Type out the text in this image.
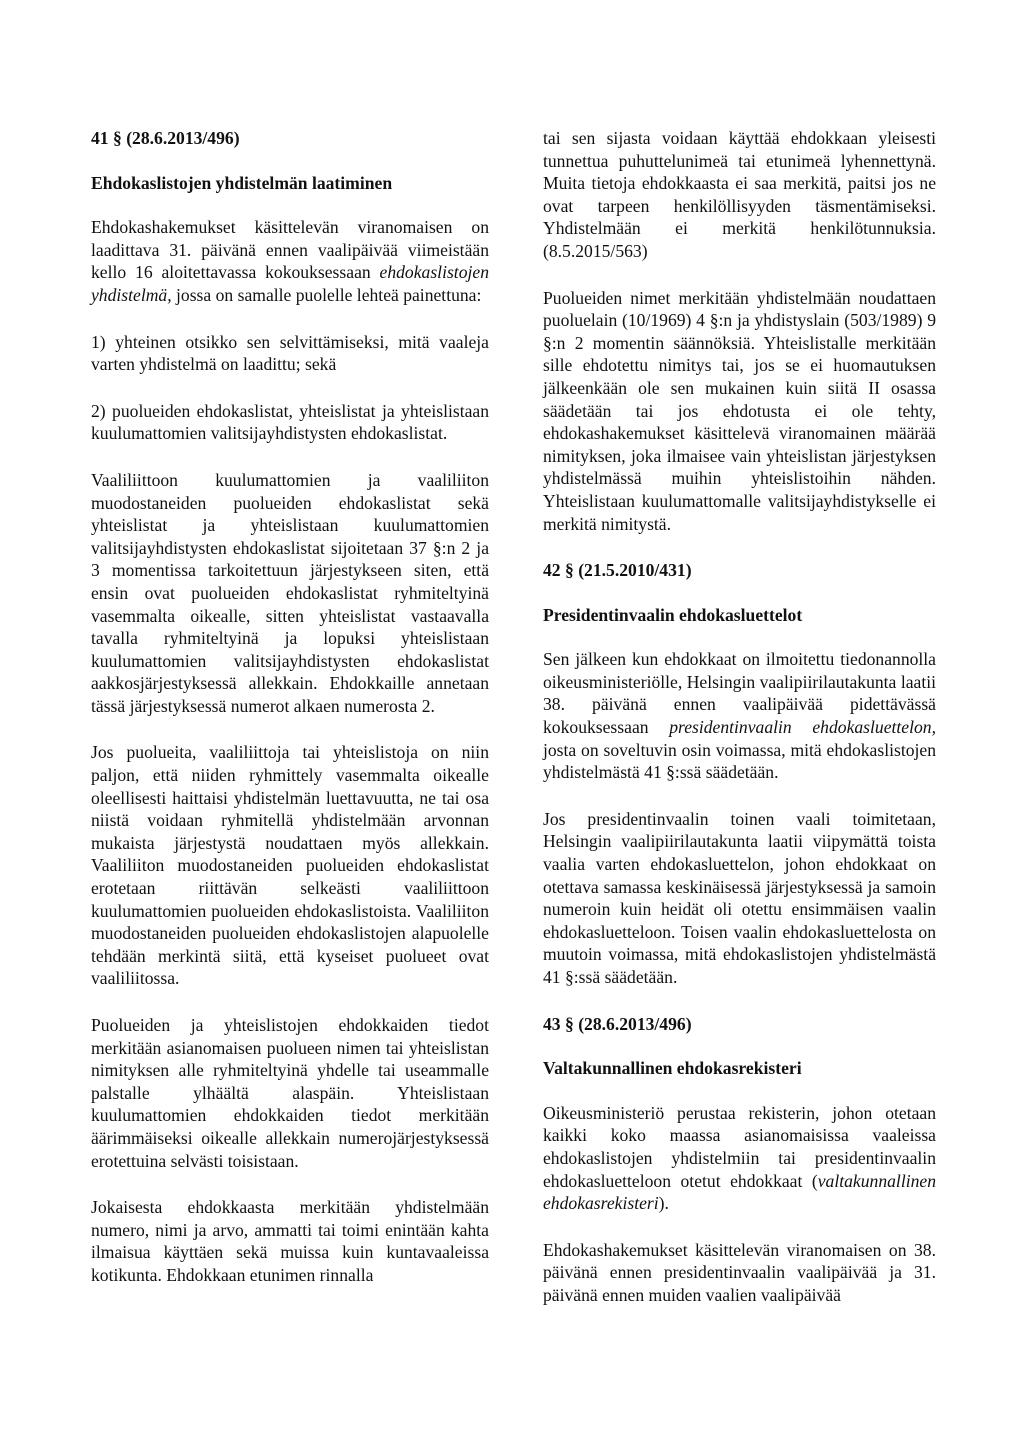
41 § (28.6.2013/496)

Ehdokaslistojen yhdistelmän laatiminen

Ehdokashakemukset käsittelevän viranomaisen on laadittava 31. päivänä ennen vaalipäivää viimeistään kello 16 aloitettavassa kokouksessaan ehdokaslistojen yhdistelmä, jossa on samalle puolelle lehteä painettuna:

1) yhteinen otsikko sen selvittämiseksi, mitä vaaleja varten yhdistelmä on laadittu; sekä

2) puolueiden ehdokaslistat, yhteislistat ja yhteislistaan kuulumattomien valitsijayhdistysten ehdokaslistat.

Vaaliliittoon kuulumattomien ja vaaliliiton muodostaneiden puolueiden ehdokaslistat sekä yhteislistat ja yhteislistaan kuulumattomien valitsijayhdistysten ehdokaslistat sijoitetaan 37 §:n 2 ja 3 momentissa tarkoitettuun järjestykseen siten, että ensin ovat puolueiden ehdokaslistat ryhmiteltyinä vasemmalta oikealle, sitten yhteislistat vastaavalla tavalla ryhmiteltyinä ja lopuksi yhteislistaan kuulumattomien valitsijayhdistysten ehdokaslistat aakkosjärjestyksessä allekkain. Ehdokkaille annetaan tässä järjestyksessä numerot alkaen numerosta 2.

Jos puolueita, vaaliliittoja tai yhteislistoja on niin paljon, että niiden ryhmittely vasemmalta oikealle oleellisesti haittaisi yhdistelmän luettavuutta, ne tai osa niistä voidaan ryhmitellä yhdistelmään arvonnan mukaista järjestystä noudattaen myös allekkain. Vaaliliiton muodostaneiden puolueiden ehdokaslistat erotetaan riittävän selkeästi vaaliliittoon kuulumattomien puolueiden ehdokaslistoista. Vaaliliiton muodostaneiden puolueiden ehdokaslistojen alapuolelle tehdään merkintä siitä, että kyseiset puolueet ovat vaaliliitossa.

Puolueiden ja yhteislistojen ehdokkaiden tiedot merkitään asianomaisen puolueen nimen tai yhteislistan nimityksen alle ryhmiteltyinä yhdelle tai useammalle palstalle ylhäältä alaspäin. Yhteislistaan kuulumattomien ehdokkaiden tiedot merkitään äärimmäiseksi oikealle allekkain numerojärjestyksessä erotettuina selvästi toisistaan.

Jokaisesta ehdokkaasta merkitään yhdistelmään numero, nimi ja arvo, ammatti tai toimi enintään kahta ilmaisua käyttäen sekä muissa kuin kuntavaaleissa kotikunta. Ehdokkaan etunimen rinnalla

tai sen sijasta voidaan käyttää ehdokkaan yleisesti tunnettua puhuttelunimeä tai etunimeä lyhennettynä. Muita tietoja ehdokkaasta ei saa merkitä, paitsi jos ne ovat tarpeen henkilöllisyyden täsmentämiseksi. Yhdistelmään ei merkitä henkilötunnuksia. (8.5.2015/563)

Puolueiden nimet merkitään yhdistelmään noudattaen puoluelain (10/1969) 4 §:n ja yhdistyslain (503/1989) 9 §:n 2 momentin säännöksiä. Yhteislistalle merkitään sille ehdotettu nimitys tai, jos se ei huomautuksen jälkeenkään ole sen mukainen kuin siitä II osassa säädetään tai jos ehdotusta ei ole tehty, ehdokashakemukset käsittelevä viranomainen määrää nimityksen, joka ilmaisee vain yhteislistan järjestyksen yhdistelmässä muihin yhteislistoihin nähden. Yhteislistaan kuulumattomalle valitsijayhdistykselle ei merkitä nimitystä.

42 § (21.5.2010/431)

Presidentinvaalin ehdokasluettelot

Sen jälkeen kun ehdokkaat on ilmoitettu tiedonannolla oikeusministeriölle, Helsingin vaalipiirilautakunta laatii 38. päivänä ennen vaalipäivää pidettävässä kokouksessaan presidentinvaalin ehdokasluettelon, josta on soveltuvin osin voimassa, mitä ehdokaslistojen yhdistelmästä 41 §:ssä säädetään.

Jos presidentinvaalin toinen vaali toimitetaan, Helsingin vaalipiirilautakunta laatii viipymättä toista vaalia varten ehdokasluettelon, johon ehdokkaat on otettava samassa keskinäisessä järjestyksessä ja samoin numeroin kuin heidät oli otettu ensimmäisen vaalin ehdokasluetteloon. Toisen vaalin ehdokasluettelosta on muutoin voimassa, mitä ehdokaslistojen yhdistelmästä 41 §:ssä säädetään.

43 § (28.6.2013/496)

Valtakunnallinen ehdokasrekisteri

Oikeusministeriö perustaa rekisterin, johon otetaan kaikki koko maassa asianomaisissa vaaleissa ehdokaslistojen yhdistelmiin tai presidentinvaalin ehdokasluetteloon otetut ehdokkaat (valtakunnallinen ehdokasrekisteri).

Ehdokashakemukset käsittelevän viranomaisen on 38. päivänä ennen presidentinvaalin vaalipäivää ja 31. päivänä ennen muiden vaalien vaalipäivää
